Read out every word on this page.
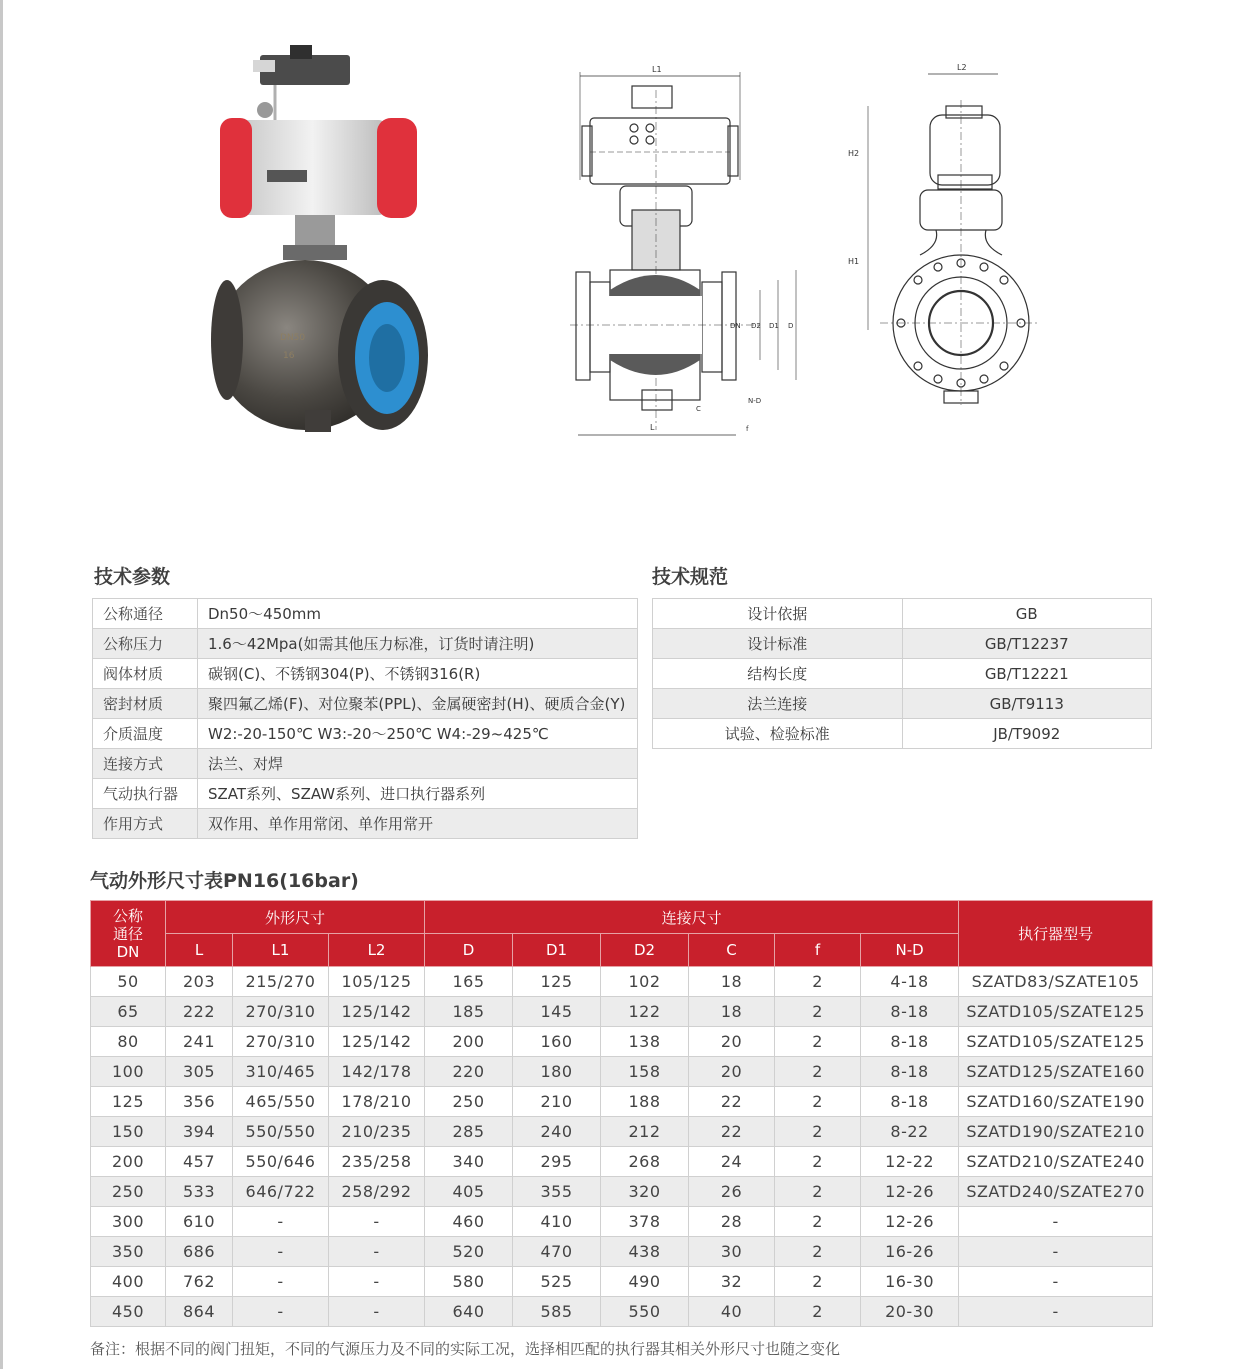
DN50
16
L1
L
DN D2 D1 D
C
f
N-D
L2
H2
H1
技术参数
公称通径	Dn50～450mm
公称压力	1.6～42Mpa(如需其他压力标准，订货时请注明)
阀体材质	碳钢(C)、不锈钢304(P)、不锈钢316(R)
密封材质	聚四氟乙烯(F)、对位聚苯(PPL)、金属硬密封(H)、硬质合金(Y)
介质温度	W2:-20-150℃ W3:-20～250℃ W4:-29~425℃
连接方式	法兰、对焊
气动执行器	SZAT系列、SZAW系列、进口执行器系列
作用方式	双作用、单作用常闭、单作用常开
技术规范
设计依据	GB
设计标准	GB/T12237
结构长度	GB/T12221
法兰连接	GB/T9113
试验、检验标准	JB/T9092
气动外形尺寸表PN16(16bar)
公称
通径
DN	外形尺寸			连接尺寸						执行器型号
	L	L1	L2	D	D1	D2	C	f	N-D	
50	203	215/270	105/125	165	125	102	18	2	4-18	SZATD83/SZATE105
65	222	270/310	125/142	185	145	122	18	2	8-18	SZATD105/SZATE125
80	241	270/310	125/142	200	160	138	20	2	8-18	SZATD105/SZATE125
100	305	310/465	142/178	220	180	158	20	2	8-18	SZATD125/SZATE160
125	356	465/550	178/210	250	210	188	22	2	8-18	SZATD160/SZATE190
150	394	550/550	210/235	285	240	212	22	2	8-22	SZATD190/SZATE210
200	457	550/646	235/258	340	295	268	24	2	12-22	SZATD210/SZATE240
250	533	646/722	258/292	405	355	320	26	2	12-26	SZATD240/SZATE270
300	610	-	-	460	410	378	28	2	12-26	-
350	686	-	-	520	470	438	30	2	16-26	-
400	762	-	-	580	525	490	32	2	16-30	-
450	864	-	-	640	585	550	40	2	20-30	-

备注：根据不同的阀门扭矩，不同的气源压力及不同的实际工况，选择相匹配的执行器其相关外形尺寸也随之变化
